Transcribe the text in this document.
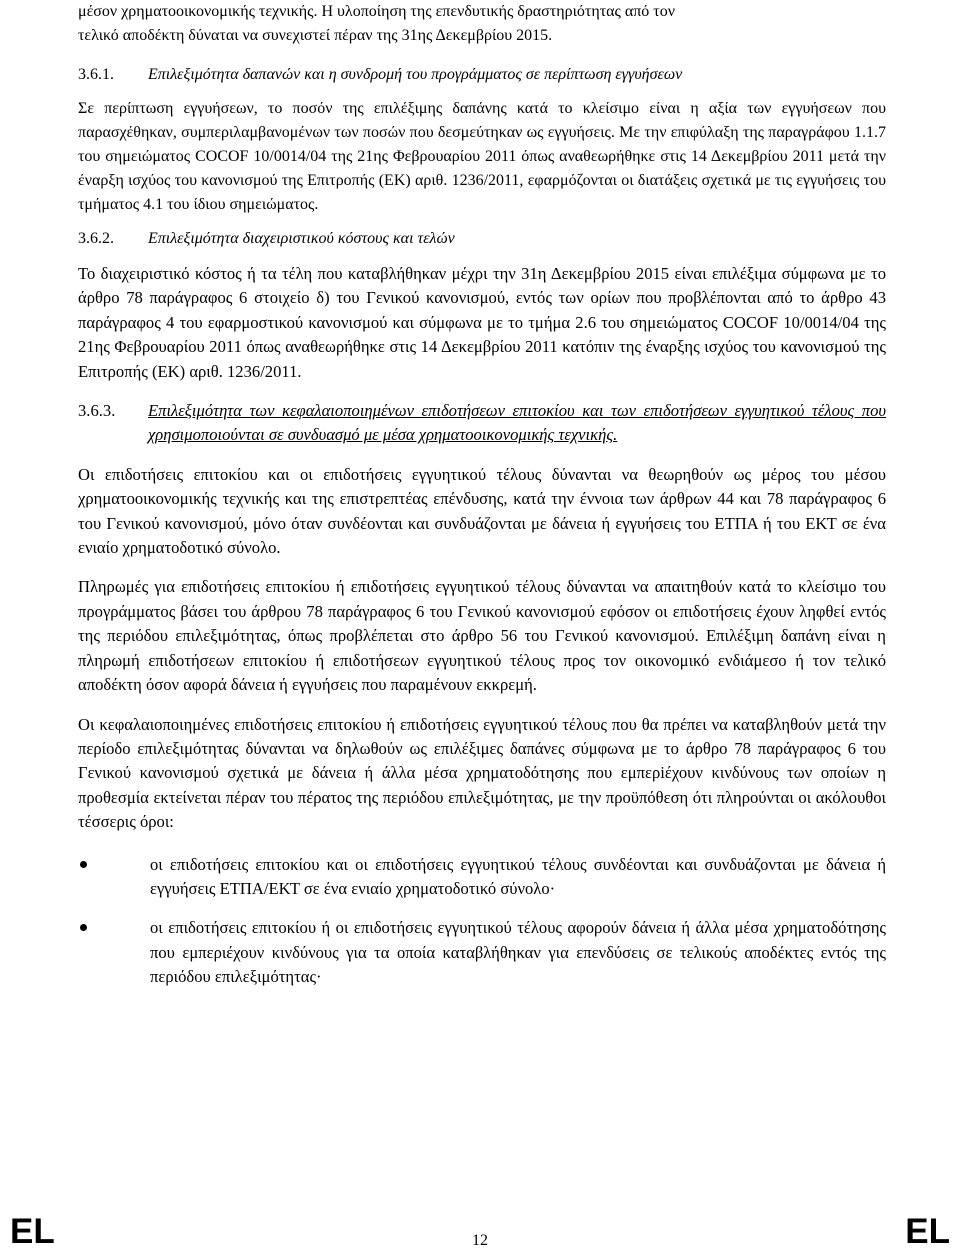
μέσον χρηματοοικονομικής τεχνικής. Η υλοποίηση της επενδυτικής δραστηριότητας από τον
τελικό αποδέκτη δύναται να συνεχιστεί πέραν της 31ης Δεκεμβρίου 2015.

3.6.1.	Επιλεξιμότητα δαπανών και η συνδρομή του προγράμματος σε περίπτωση εγγυήσεων

Σε περίπτωση εγγυήσεων, το ποσόν της επιλέξιμης δαπάνης κατά το κλείσιμο είναι η αξία των εγγυήσεων που παρασχέθηκαν, συμπεριλαμβανομένων των ποσών που δεσμεύτηκαν ως εγγυήσεις. Με την επιφύλαξη της παραγράφου 1.1.7 του σημειώματος COCOF 10/0014/04 της 21ης Φεβρουαρίου 2011 όπως αναθεωρήθηκε στις 14 Δεκεμβρίου 2011 μετά την έναρξη ισχύος του κανονισμού της Επιτροπής (ΕΚ) αριθ. 1236/2011, εφαρμόζονται οι διατάξεις σχετικά με τις εγγυήσεις του τμήματος 4.1 του ίδιου σημειώματος.

3.6.2.	Επιλεξιμότητα διαχειριστικού κόστους και τελών

Το διαχειριστικό κόστος ή τα τέλη που καταβλήθηκαν μέχρι την 31η Δεκεμβρίου 2015 είναι επιλέξιμα σύμφωνα με το άρθρο 78 παράγραφος 6 στοιχείο δ) του Γενικού κανονισμού, εντός των ορίων που προβλέπονται από το άρθρο 43 παράγραφος 4 του εφαρμοστικού κανονισμού και σύμφωνα με το τμήμα 2.6 του σημειώματος COCOF 10/0014/04 της 21ης Φεβρουαρίου 2011 όπως αναθεωρήθηκε στις 14 Δεκεμβρίου 2011 κατόπιν της έναρξης ισχύος του κανονισμού της Επιτροπής (ΕΚ) αριθ. 1236/2011.

3.6.3.	Επιλεξιμότητα των κεφαλαιοποιημένων επιδοτήσεων επιτοκίου και των επιδοτήσεων εγγυητικού τέλους που χρησιμοποιούνται σε συνδυασμό με μέσα χρηματοοικονομικής τεχνικής.

Οι επιδοτήσεις επιτοκίου και οι επιδοτήσεις εγγυητικού τέλους δύνανται να θεωρηθούν ως μέρος του μέσου χρηματοοικονομικής τεχνικής και της επιστρεπτέας επένδυσης, κατά την έννοια των άρθρων 44 και 78 παράγραφος 6 του Γενικού κανονισμού, μόνο όταν συνδέονται και συνδυάζονται με δάνεια ή εγγυήσεις του ΕΤΠΑ ή του ΕΚΤ σε ένα ενιαίο χρηματοδοτικό σύνολο.

Πληρωμές για επιδοτήσεις επιτοκίου ή επιδοτήσεις εγγυητικού τέλους δύνανται να απαιτηθούν κατά το κλείσιμο του προγράμματος βάσει του άρθρου 78 παράγραφος 6 του Γενικού κανονισμού εφόσον οι επιδοτήσεις έχουν ληφθεί εντός της περιόδου επιλεξιμότητας, όπως προβλέπεται στο άρθρο 56 του Γενικού κανονισμού. Επιλέξιμη δαπάνη είναι η πληρωμή επιδοτήσεων επιτοκίου ή επιδοτήσεων εγγυητικού τέλους προς τον οικονομικό ενδιάμεσο ή τον τελικό αποδέκτη όσον αφορά δάνεια ή εγγυήσεις που παραμένουν εκκρεμή.

Οι κεφαλαιοποιημένες επιδοτήσεις επιτοκίου ή επιδοτήσεις εγγυητικού τέλους που θα πρέπει να καταβληθούν μετά την περίοδο επιλεξιμότητας δύνανται να δηλωθούν ως επιλέξιμες δαπάνες σύμφωνα με το άρθρο 78 παράγραφος 6 του Γενικού κανονισμού σχετικά με δάνεια ή άλλα μέσα χρηματοδότησης που εμπερiέχουν κινδύνους των οποίων η προθεσμία εκτείνεται πέραν του πέρατος της περιόδου επιλεξιμότητας, με την προϋπόθεση ότι πληρούνται οι ακόλουθοι τέσσερις όροι:

οι επιδοτήσεις επιτοκίου και οι επιδοτήσεις εγγυητικού τέλους συνδέονται και συνδυάζονται με δάνεια ή εγγυήσεις ΕΤΠΑ/ΕΚΤ σε ένα ενιαίο χρηματοδοτικό σύνολο·
οι επιδοτήσεις επιτοκίου ή οι επιδοτήσεις εγγυητικού τέλους αφορούν δάνεια ή άλλα μέσα χρηματοδότησης που εμπεριέχουν κινδύνους για τα οποία καταβλήθηκαν για επενδύσεις σε τελικούς αποδέκτες εντός της περιόδου επιλεξιμότητας·
EL	12	EL
